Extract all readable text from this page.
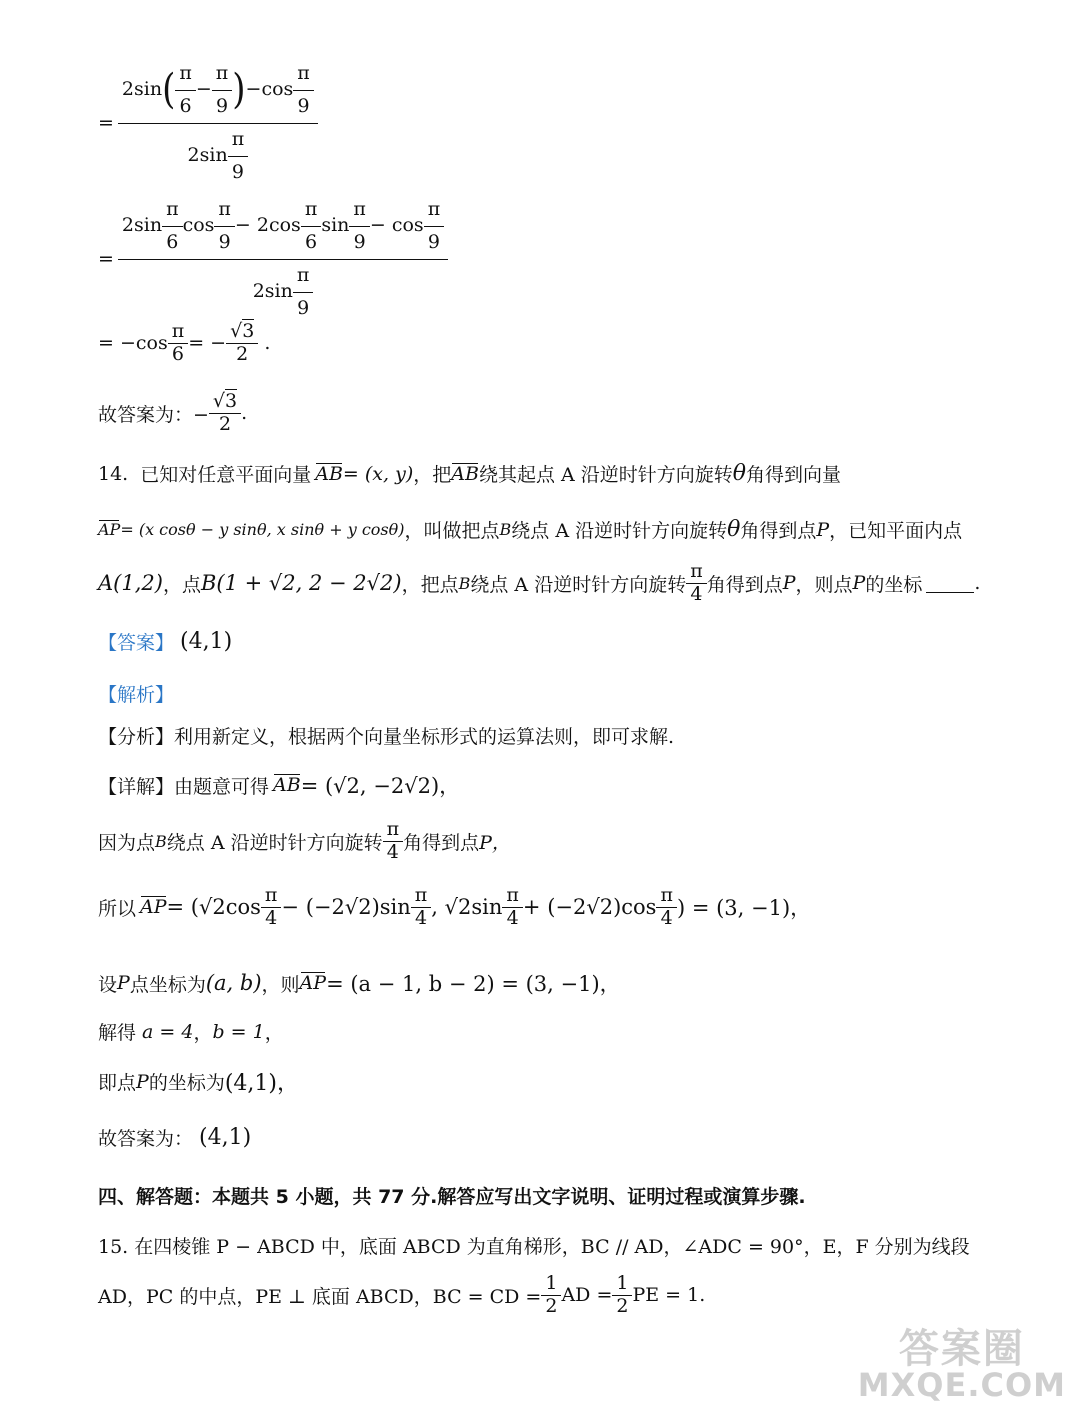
=
2sin ( $\frac{\pi}{6} - \frac{\pi}{9}$ ) $-\cos \frac{\pi}{9}$
$2\sin \frac{\pi}{9}$
=
$2\sin \frac{\pi}{6}$ $\cos \frac{\pi}{9} - 2\cos \frac{\pi}{6}$ $\sin \frac{\pi}{9} - \cos \frac{\pi}{9}$
$2\sin \frac{\pi}{9}$
= $-\cos \frac{\pi}{6}$ = − $\frac{√3}{2}$ .
故答案为：− $\frac{√3}{2}$ .
14. 已知对任意平面向量 AB = (x, y) ，把 AB 绕其起点 A 沿逆时针方向旋转 θ 角得到向量
AP = (x cosθ − y sinθ, x sinθ + y cosθ) ，叫做把点 B 绕点 A 沿逆时针方向旋转 θ 角得到点 P ，已知平面内点
A(1,2) ，点 B(1 + √2, 2 − 2√2) ，把点 B 绕点 A 沿逆时针方向旋转 $\frac{\pi}{4}$ 角得到点 P ，则点 P 的坐标	.
【答案】 (4,1)
【解析】
【分析】利用新定义，根据两个向量坐标形式的运算法则，即可求解.
【详解】由题意可得 AB = (√2, −2√2)，
因为点 B 绕点 A 沿逆时针方向旋转 $\frac{\pi}{4}$ 角得到点 P，
所以 AP = ($√2\cos \frac{\pi}{4} - (-2√2)\sin \frac{\pi}{4}$ , $√2\sin \frac{\pi}{4} + (-2√2)\cos \frac{\pi}{4}$ ) = (3, −1)，
设 P 点坐标为 (a, b) ，则 AP = (a − 1, b − 2) = (3, −1)，
解得 a = 4 ， b = 1 ，
即点 P 的坐标为 (4,1)，
故答案为： (4,1)
四、解答题：本题共 5 小题，共 77 分.解答应写出文字说明、证明过程或演算步骤.
15. 在四棱锥 P − ABCD 中，底面 ABCD 为直角梯形，BC // AD，∠ADC = 90°，E，F 分别为线段
AD，PC 的中点，PE ⊥ 底面 ABCD，BC = CD = $\frac{1}{2}$ AD = $\frac{1}{2}$ PE = 1.
答案圈
MXQE.COM
